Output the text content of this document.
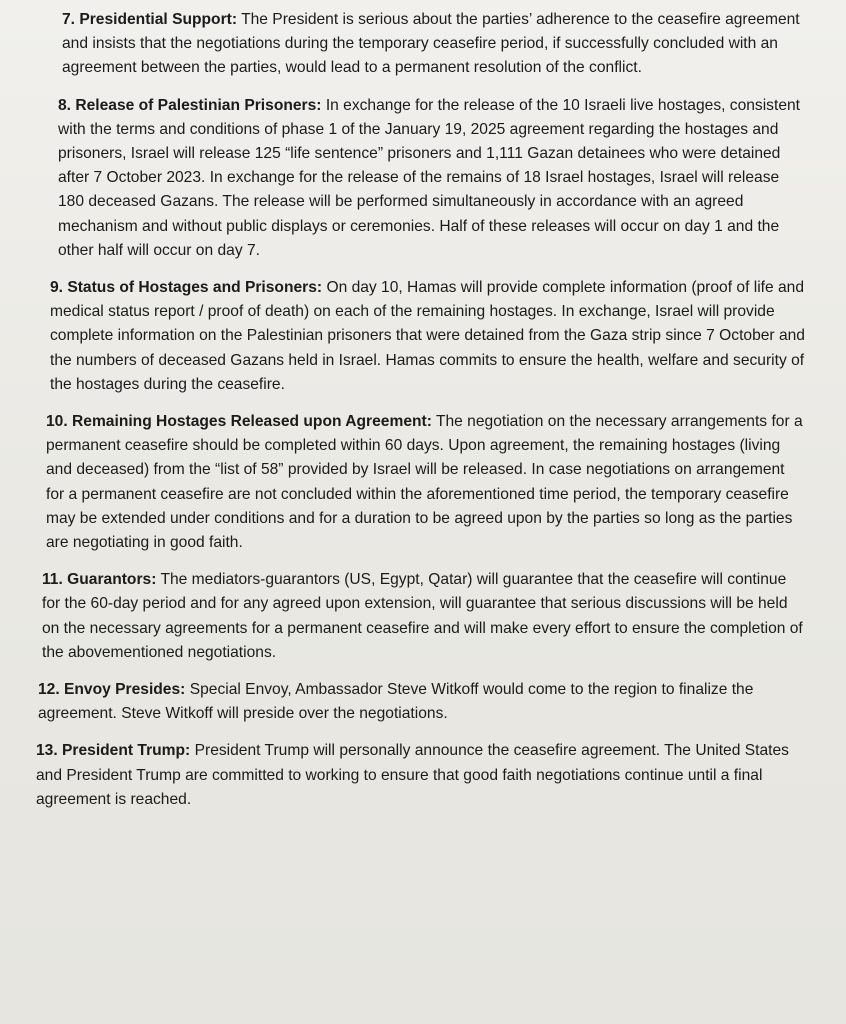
7. Presidential Support: The President is serious about the parties’ adherence to the ceasefire agreement and insists that the negotiations during the temporary ceasefire period, if successfully concluded with an agreement between the parties, would lead to a permanent resolution of the conflict.

8. Release of Palestinian Prisoners: In exchange for the release of the 10 Israeli live hostages, consistent with the terms and conditions of phase 1 of the January 19, 2025 agreement regarding the hostages and prisoners, Israel will release 125 “life sentence” prisoners and 1,111 Gazan detainees who were detained after 7 October 2023. In exchange for the release of the remains of 18 Israel hostages, Israel will release 180 deceased Gazans. The release will be performed simultaneously in accordance with an agreed mechanism and without public displays or ceremonies. Half of these releases will occur on day 1 and the other half will occur on day 7.

9. Status of Hostages and Prisoners: On day 10, Hamas will provide complete information (proof of life and medical status report / proof of death) on each of the remaining hostages. In exchange, Israel will provide complete information on the Palestinian prisoners that were detained from the Gaza strip since 7 October and the numbers of deceased Gazans held in Israel. Hamas commits to ensure the health, welfare and security of the hostages during the ceasefire.

10. Remaining Hostages Released upon Agreement: The negotiation on the necessary arrangements for a permanent ceasefire should be completed within 60 days. Upon agreement, the remaining hostages (living and deceased) from the “list of 58” provided by Israel will be released. In case negotiations on arrangement for a permanent ceasefire are not concluded within the aforementioned time period, the temporary ceasefire may be extended under conditions and for a duration to be agreed upon by the parties so long as the parties are negotiating in good faith.

11. Guarantors: The mediators-guarantors (US, Egypt, Qatar) will guarantee that the ceasefire will continue for the 60-day period and for any agreed upon extension, will guarantee that serious discussions will be held on the necessary agreements for a permanent ceasefire and will make every effort to ensure the completion of the abovementioned negotiations.

12. Envoy Presides: Special Envoy, Ambassador Steve Witkoff would come to the region to finalize the agreement. Steve Witkoff will preside over the negotiations.

13. President Trump: President Trump will personally announce the ceasefire agreement. The United States and President Trump are committed to working to ensure that good faith negotiations continue until a final agreement is reached.
